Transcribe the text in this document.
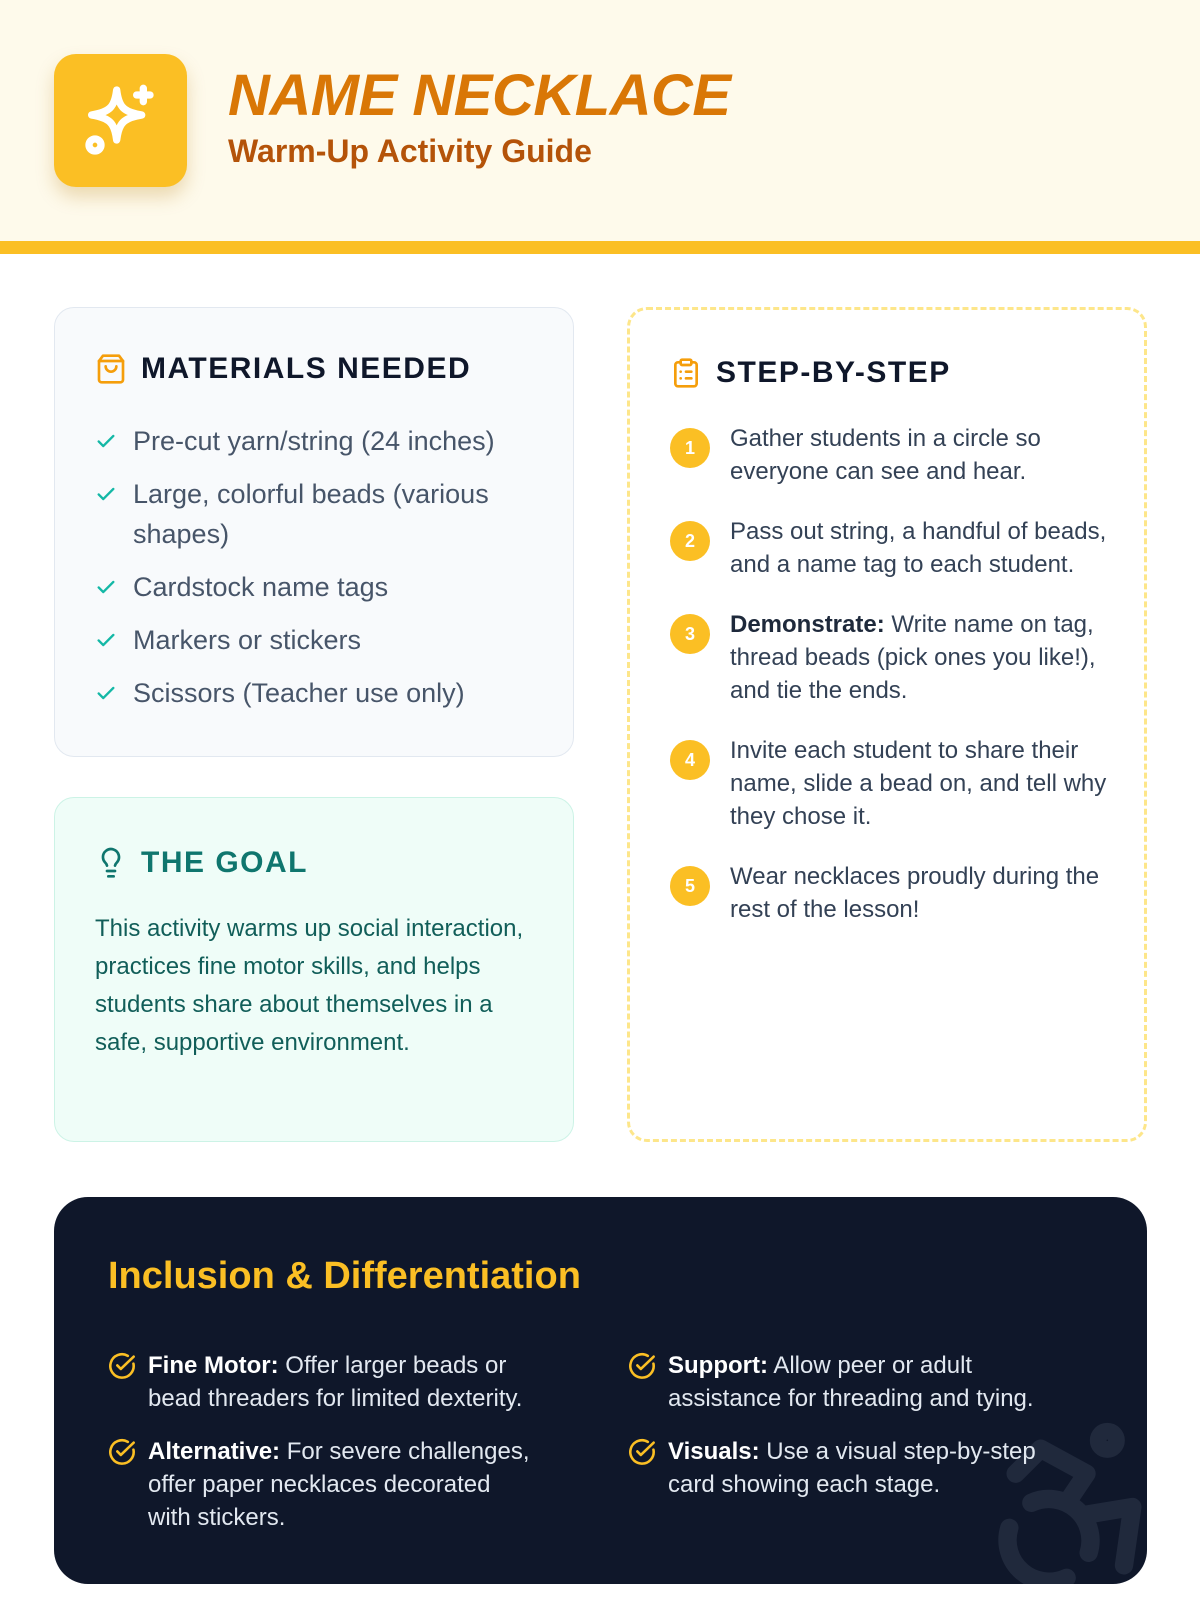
NAME NECKLACE
Warm-Up Activity Guide
MATERIALS NEEDED
Pre-cut yarn/string (24 inches)
Large, colorful beads (various shapes)
Cardstock name tags
Markers or stickers
Scissors (Teacher use only)
THE GOAL

This activity warms up social interaction, practices fine motor skills, and helps students share about themselves in a safe, supportive environment.

STEP-BY-STEP
1	Gather students in a circle so everyone can see and hear.
2	Pass out string, a handful of beads, and a name tag to each student.
3	Demonstrate: Write name on tag, thread beads (pick ones you like!), and tie the ends.
4	Invite each student to share their name, slide a bead on, and tell why they chose it.
5	Wear necklaces proudly during the rest of the lesson!
Inclusion & Differentiation
Fine Motor: Offer larger beads or bead threaders for limited dexterity.
Support: Allow peer or adult assistance for threading and tying.
Alternative: For severe challenges, offer paper necklaces decorated with stickers.
Visuals: Use a visual step-by-step card showing each stage.
